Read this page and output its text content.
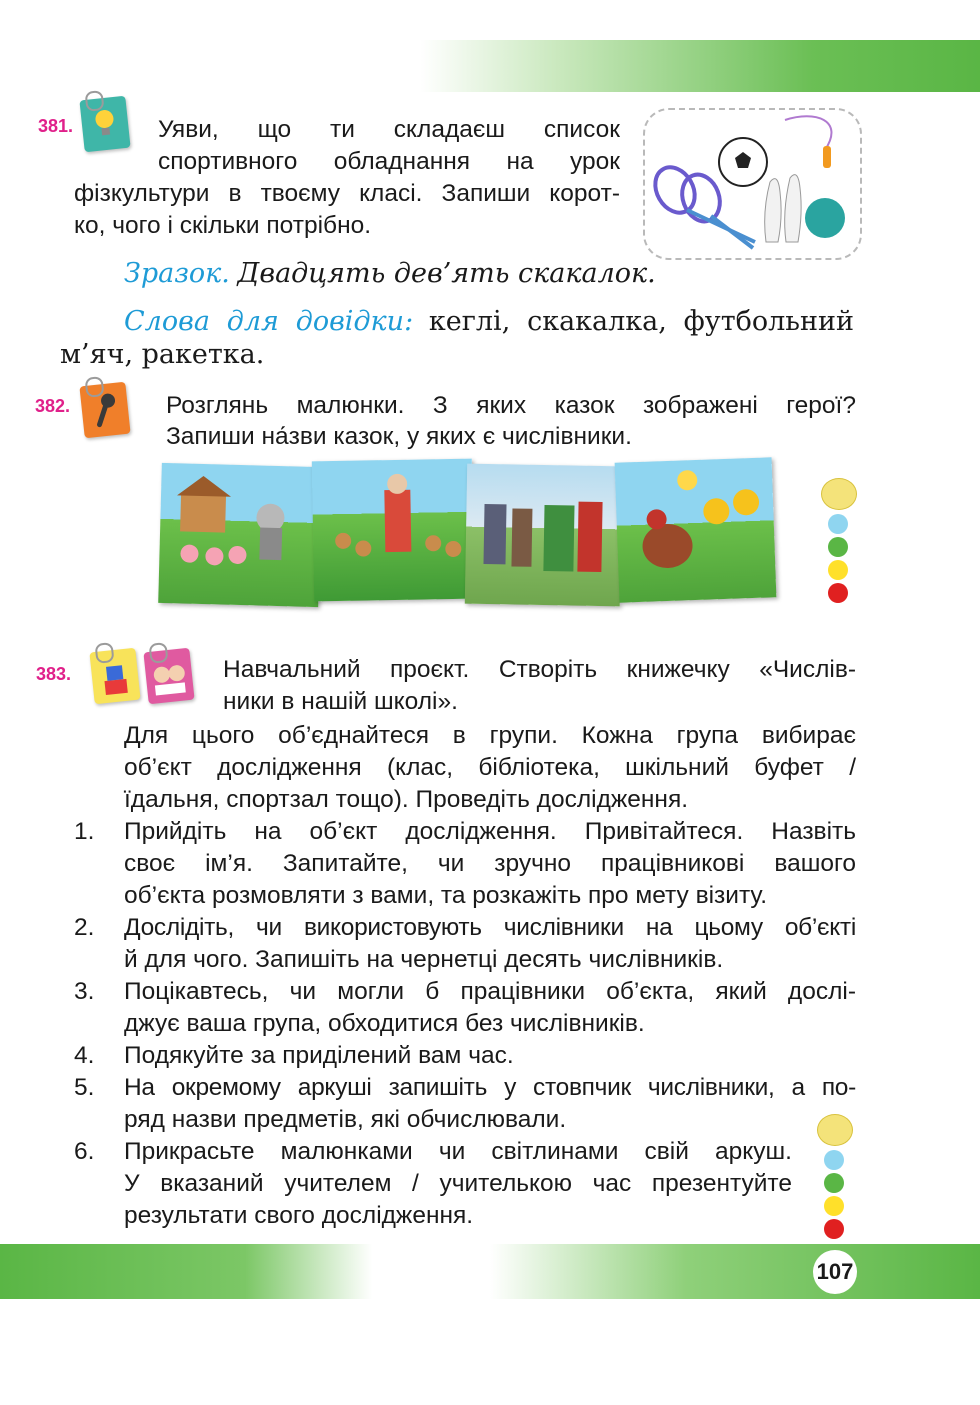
381.	Уяви, що ти складаєш список
спортивного обладнання на урок
фізкультури в твоєму класі. Запиши корот-
ко, чого і скільки потрібно.
Зразок. Двадцять дев’ять скакалок.
Слова для довідки: кеглі, скакалка, футбольний
м’яч, ракетка.
382.	Розглянь малюнки. З яких казок зображені герої?
Запиши на́зви казок, у яких є числівники.
383.	Навчальний проєкт. Створіть книжечку «Числів-
ники в нашій школі».
Для цього об’єднайтеся в групи. Кожна група вибирає
об’єкт дослідження (клас, бібліотека, шкільний буфет /
їдальня, спортзал тощо). Проведіть дослідження.
1. Прийдіть на об’єкт дослідження. Привітайтеся. Назвіть
своє ім’я. Запитайте, чи зручно працівникові вашого
об’єкта розмовляти з вами, та розкажіть про мету візиту.
2. Дослідіть, чи використовують числівники на цьому об’єкті
й для чого. Запишіть на чернетці десять числівників.
3. Поцікавтесь, чи могли б працівники об’єкта, який дослі-
джує ваша група, обходитися без числівників.
4. Подякуйте за приділений вам час.
5. На окремому аркуші запишіть у стовпчик числівники, а по-
ряд назви предметів, які обчислювали.
6. Прикрасьте малюнками чи світлинами свій аркуш.
У вказаний учителем / учителькою час презентуйте
результати свого дослідження.
107
